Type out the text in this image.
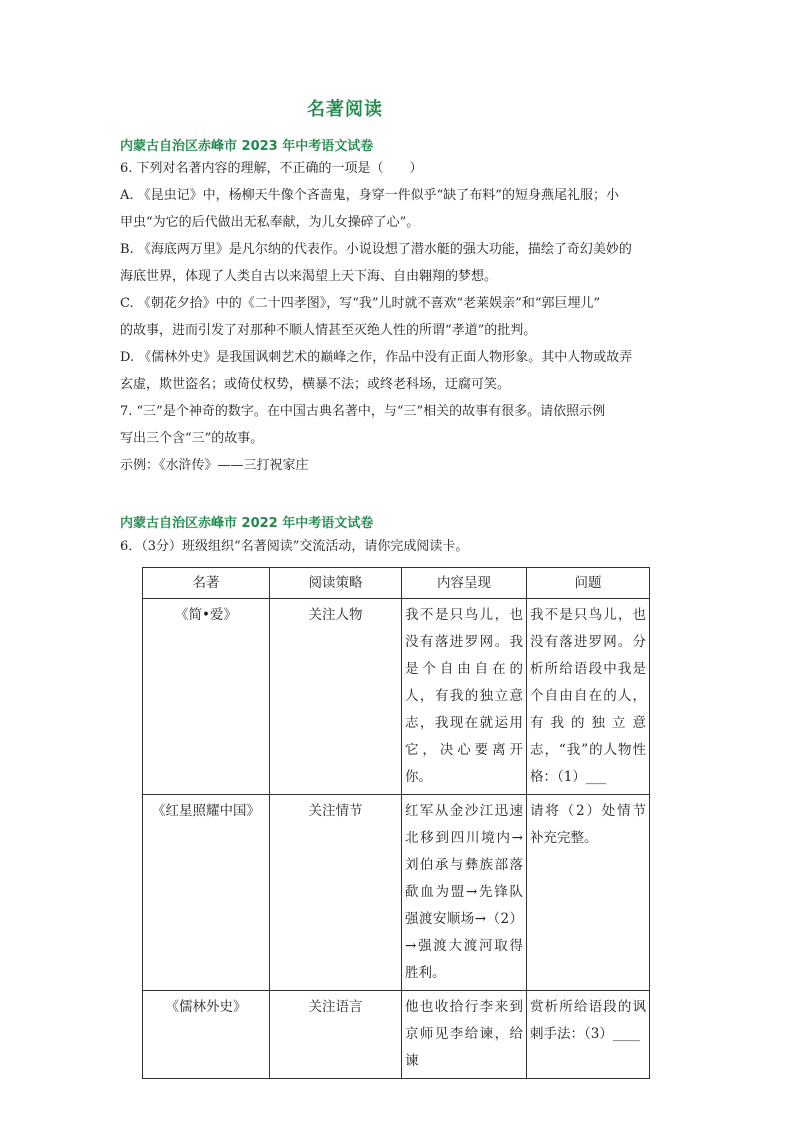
名著阅读
内蒙古自治区赤峰市 2023 年中考语文试卷
6. 下列对名著内容的理解，不正确的一项是（　　）
A. 《昆虫记》中，杨柳天牛像个吝啬鬼，身穿一件似乎“缺了布料”的短身燕尾礼服；小
甲虫“为它的后代做出无私奉献，为儿女操碎了心”。
B. 《海底两万里》是凡尔纳的代表作。小说设想了潜水艇的强大功能，描绘了奇幻美妙的
海底世界，体现了人类自古以来渴望上天下海、自由翱翔的梦想。
C. 《朝花夕拾》中的《二十四孝图》，写“我”儿时就不喜欢“老莱娱亲”和“郭巨埋儿”
的故事，进而引发了对那种不顺人情甚至灭绝人性的所谓“孝道”的批判。
D. 《儒林外史》是我国讽刺艺术的巅峰之作，作品中没有正面人物形象。其中人物或故弄
玄虚，欺世盗名；或倚仗权势，横暴不法；或终老科场，迂腐可笑。
7. “三”是个神奇的数字。在中国古典名著中，与“三”相关的故事有很多。请依照示例
写出三个含“三”的故事。
示例：《水浒传》——三打祝家庄
内蒙古自治区赤峰市 2022 年中考语文试卷
6．（3分）班级组织“名著阅读”交流活动，请你完成阅读卡。
名著	阅读策略	内容呈现	问题
《简•爱》	关注人物	我不是只鸟儿，也没有落进罗网。我是个自由自在的人，有我的独立意志，我现在就运用它，决心要离开你。	我不是只鸟儿，也没有落进罗网。分析所给语段中我是个自由自在的人，有我的独立意志，“我”的人物性格：（1）___
《红星照耀中国》	关注情节	红军从金沙江迅速北移到四川境内→刘伯承与彝族部落歃血为盟→先锋队强渡安顺场→（2）→强渡大渡河取得胜利。	请将（2）处情节补充完整。
《儒林外史》	关注语言	他也收拾行李来到京师见李给谏，给谏	赏析所给语段的讽刺手法：（3）____
